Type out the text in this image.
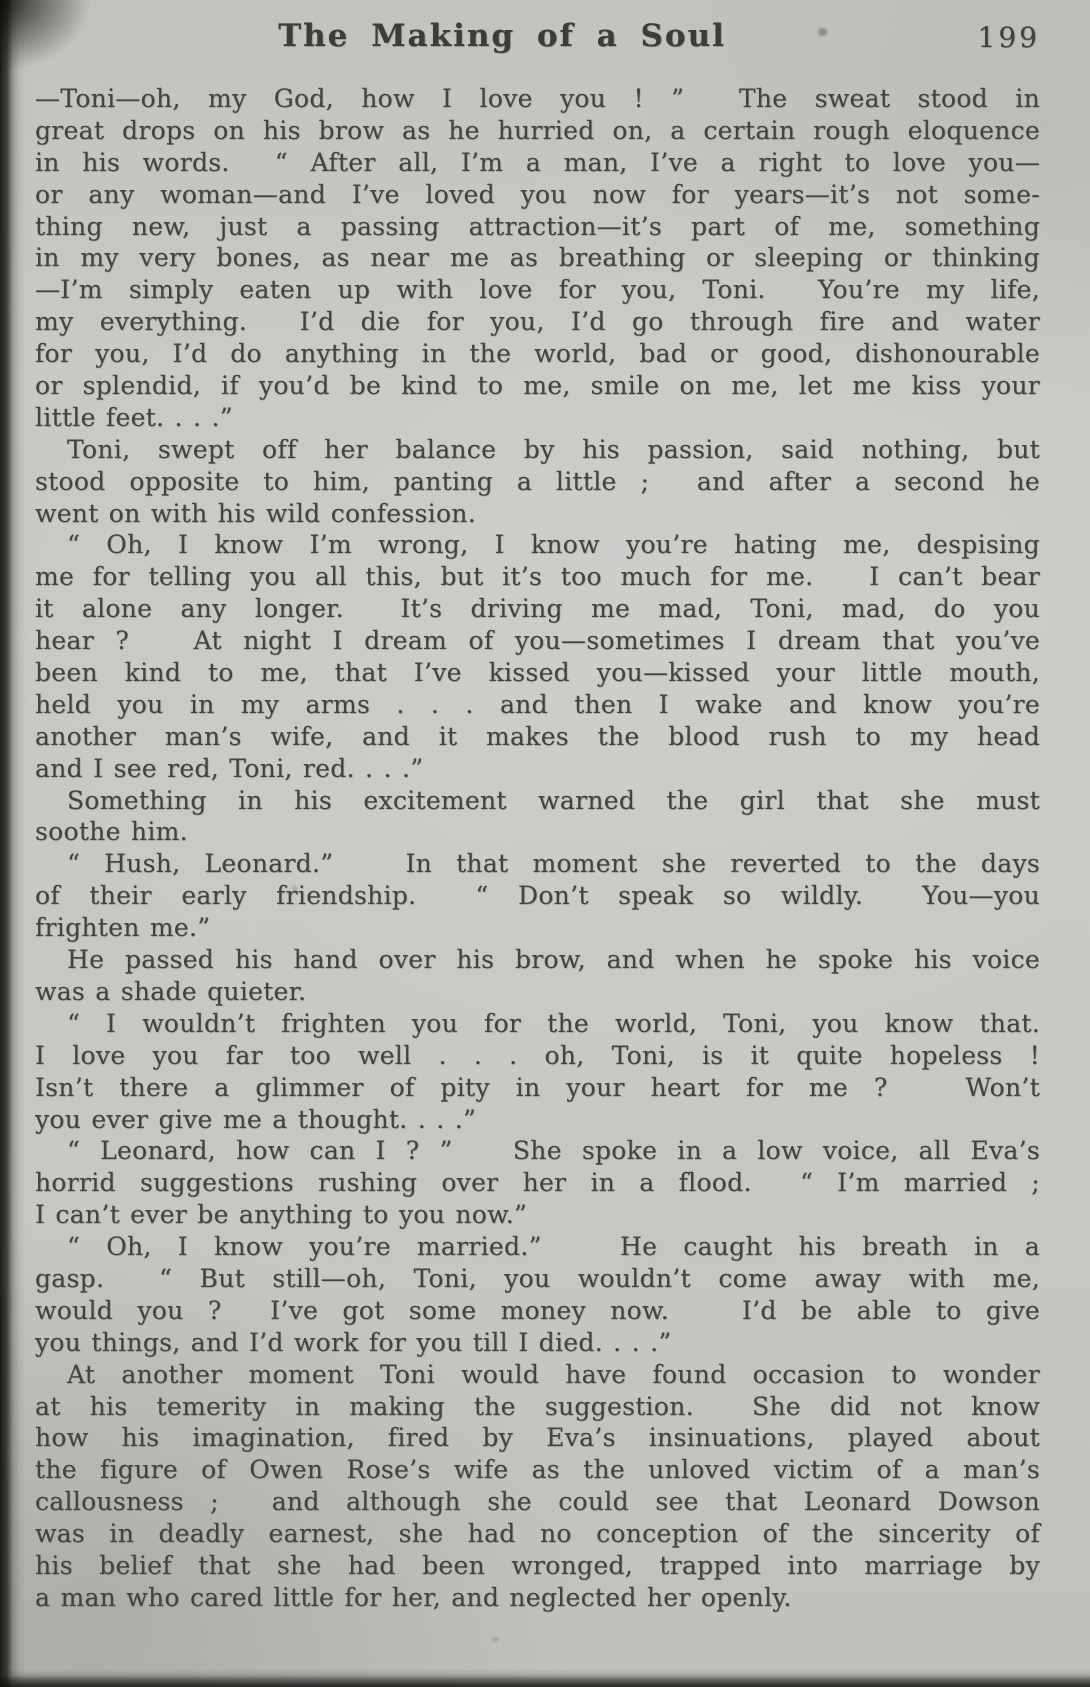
The Making of a Soul	199
—Toni—oh, my God, how I love you ! ”  The sweat stood in
great drops on his brow as he hurried on, a certain rough eloquence
in his words.  “ After all, I’m a man, I’ve a right to love you—
or any woman—and I’ve loved you now for years—it’s not some-
thing new, just a passing attraction—it’s part of me, something
in my very bones, as near me as breathing or sleeping or thinking
—I’m simply eaten up with love for you, Toni.  You’re my life,
my everything.  I’d die for you, I’d go through fire and water
for you, I’d do anything in the world, bad or good, dishonourable
or splendid, if you’d be kind to me, smile on me, let me kiss your
little feet. . . .”
Toni, swept off her balance by his passion, said nothing, but
stood opposite to him, panting a little ;  and after a second he
went on with his wild confession.
“ Oh, I know I’m wrong, I know you’re hating me, despising
me for telling you all this, but it’s too much for me.   I can’t bear
it alone any longer.  It’s driving me mad, Toni, mad, do you
hear ?   At night I dream of you—sometimes I dream that you’ve
been kind to me, that I’ve kissed you—kissed your little mouth,
held you in my arms . . . and then I wake and know you’re
another man’s wife, and it makes the blood rush to my head
and I see red, Toni, red. . . .”
Something in his excitement warned the girl that she must
soothe him.
“ Hush, Leonard.”   In that moment she reverted to the days
of their early friendship.  “ Don’t speak so wildly.  You—you
frighten me.”
He passed his hand over his brow, and when he spoke his voice
was a shade quieter.
“ I wouldn’t frighten you for the world, Toni, you know that.
I love you far too well . . . oh, Toni, is it quite hopeless !
Isn’t there a glimmer of pity in your heart for me ?   Won’t
you ever give me a thought. . . .”
“ Leonard, how can I ? ”   She spoke in a low voice, all Eva’s
horrid suggestions rushing over her in a flood.  “ I’m married ;
I can’t ever be anything to you now.”
“ Oh, I know you’re married.”   He caught his breath in a
gasp.  “ But still—oh, Toni, you wouldn’t come away with me,
would you ?  I’ve got some money now.   I’d be able to give
you things, and I’d work for you till I died. . . .”
At another moment Toni would have found occasion to wonder
at his temerity in making the suggestion.  She did not know
how his imagination, fired by Eva’s insinuations, played about
the figure of Owen Rose’s wife as the unloved victim of a man’s
callousness ;  and although she could see that Leonard Dowson
was in deadly earnest, she had no conception of the sincerity of
his belief that she had been wronged, trapped into marriage by
a man who cared little for her, and neglected her openly.
